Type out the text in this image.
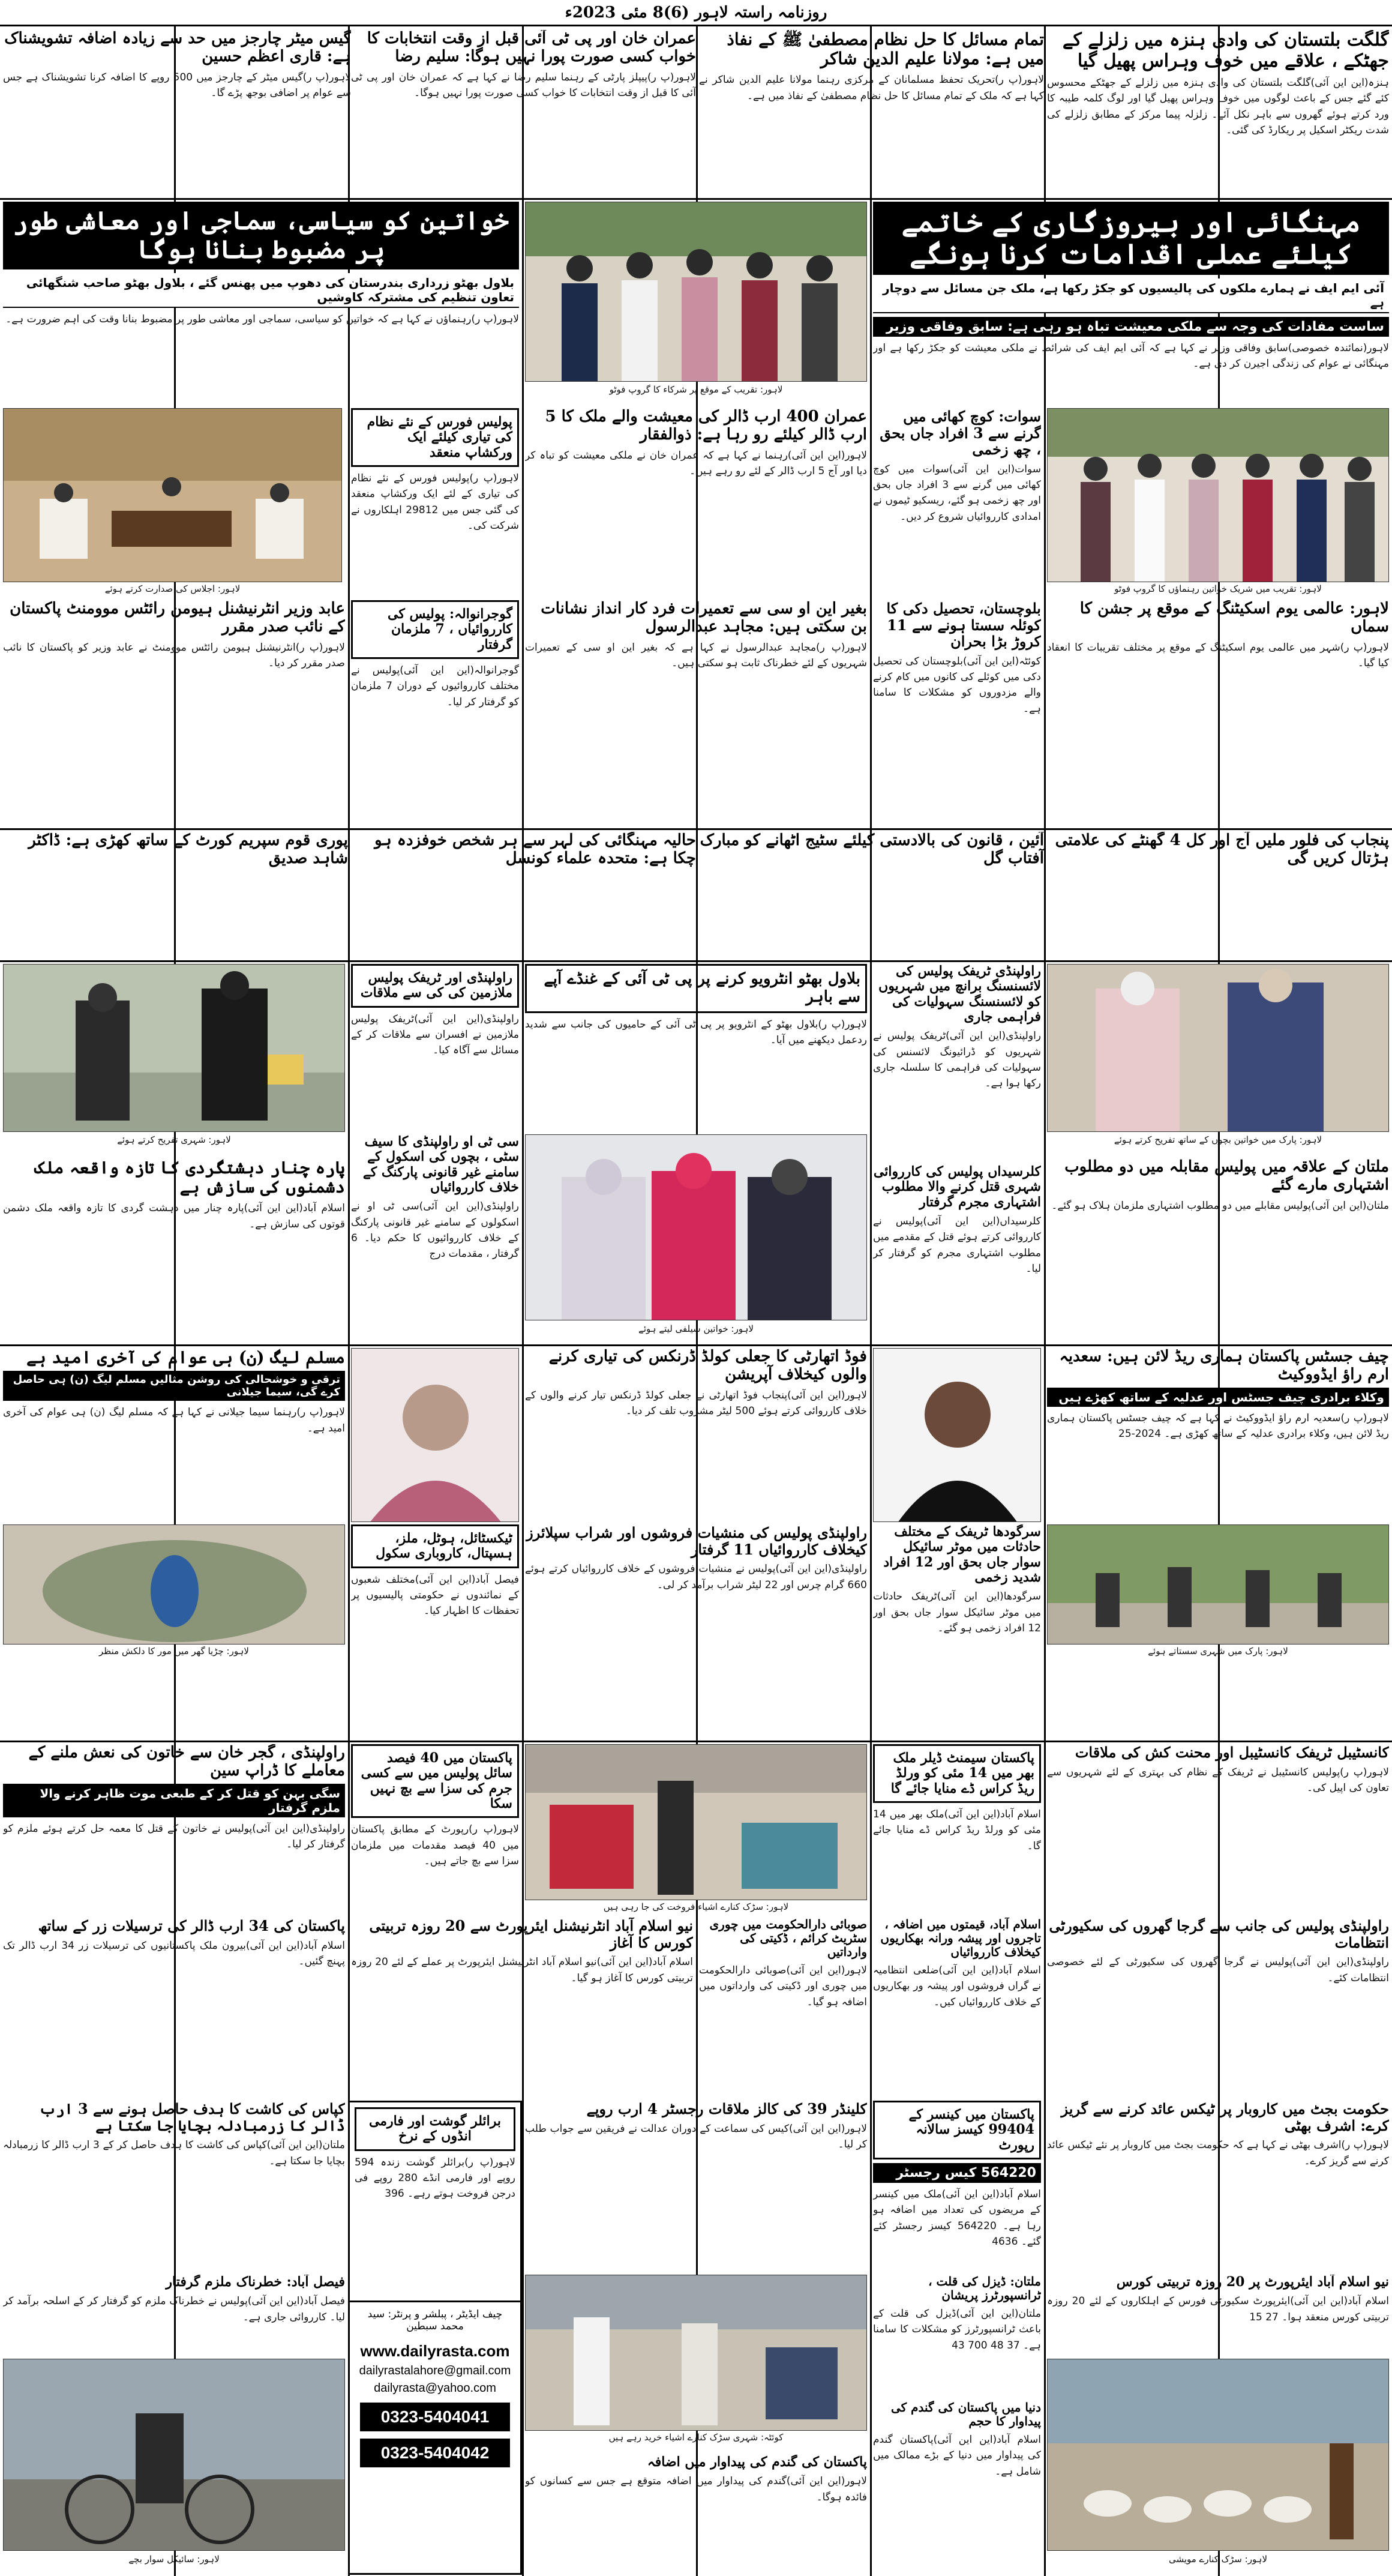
روزنامہ راستہ لاہور (6)8 مئی 2023ء
گلگت بلتستان کی وادی ہنزہ میں زلزلے کے جھٹکے ، علاقے میں خوف وہراس پھیل گیا
ہنزہ(این این آئی)گلگت بلتستان کی وادی ہنزہ میں زلزلے کے جھٹکے محسوس کئے گئے جس کے باعث لوگوں میں خوف وہراس پھیل گیا اور لوگ کلمہ طیبہ کا ورد کرتے ہوئے گھروں سے باہر نکل آئے۔ زلزلہ پیما مرکز کے مطابق زلزلے کی شدت ریکٹر اسکیل پر ریکارڈ کی گئی۔
تمام مسائل کا حل نظام مصطفیٰ ﷺ کے نفاذ میں ہے: مولانا علیم الدین شاکر
لاہور(پ ر)تحریک تحفظ مسلمانان کے مرکزی رہنما مولانا علیم الدین شاکر نے کہا ہے کہ ملک کے تمام مسائل کا حل نظام مصطفیٰ کے نفاذ میں ہے۔
عمران خان اور پی ٹی آئی قبل از وقت انتخابات کا خواب کسی صورت پورا نہیں ہوگا: سلیم رضا
لاہور(پ ر)پیپلز پارٹی کے رہنما سلیم رضا نے کہا ہے کہ عمران خان اور پی ٹی آئی کا قبل از وقت انتخابات کا خواب کسی صورت پورا نہیں ہوگا۔
گیس میٹر چارجز میں حد سے زیادہ اضافہ تشویشناک ہے: قاری اعظم حسین
لاہور(پ ر)گیس میٹر کے چارجز میں 500 روپے کا اضافہ کرنا تشویشناک ہے جس سے عوام پر اضافی بوجھ پڑے گا۔
مہنگائی اور بیروزگاری کے خاتمے کیلئے عملی اقدامات کرنا ہونگے
آئی ایم ایف نے ہمارے ملکوں کی پالیسیوں کو جکڑ رکھا ہے، ملک جن مسائل سے دوچار ہے
ساست مفادات کی وجہ سے ملکی معیشت تباہ ہو رہی ہے: سابق وفاقی وزیر
لاہور(نمائندہ خصوصی)سابق وفاقی وزیر نے کہا ہے کہ آئی ایم ایف کی شرائط نے ملکی معیشت کو جکڑ رکھا ہے اور مہنگائی نے عوام کی زندگی اجیرن کر دی ہے۔
خواتین کو سیاسی، سماجی اور معاشی طور پر مضبوط بنانا ہوگا
بلاول بھٹو زرداری بندرستان کی دھوپ میں پھنس گئے ، بلاول بھٹو صاحب شنگھائی تعاون تنظیم کی مشترکہ کاوشیں
لاہور(پ ر)رہنماؤں نے کہا ہے کہ خواتین کو سیاسی، سماجی اور معاشی طور پر مضبوط بنانا وقت کی اہم ضرورت ہے۔
لاہور: تقریب کے موقع پر شرکاء کا گروپ فوٹو
لاہور: تقریب میں شریک خواتین رہنماؤں کا گروپ فوٹو
لاہور: اجلاس کی صدارت کرتے ہوئے
سوات: کوچ کھائی میں گرنے سے 3 افراد جاں بحق ، چھ زخمی
سوات(این این آئی)سوات میں کوچ کھائی میں گرنے سے 3 افراد جاں بحق اور چھ زخمی ہو گئے، ریسکیو ٹیموں نے امدادی کارروائیاں شروع کر دیں۔
عمران 400 ارب ڈالر کی معیشت والے ملک کا 5 ارب ڈالر کیلئے رو رہا ہے: ذوالفقار
لاہور(این این آئی)رہنما نے کہا ہے کہ عمران خان نے ملکی معیشت کو تباہ کر دیا اور آج 5 ارب ڈالر کے لئے رو رہے ہیں۔
پولیس فورس کے نئے نظام کی تیاری کیلئے ایک ورکشاپ منعقد
لاہور(پ ر)پولیس فورس کے نئے نظام کی تیاری کے لئے ایک ورکشاپ منعقد کی گئی جس میں 29812 اہلکاروں نے شرکت کی۔
بلوچستان، تحصیل دکی کا کوئلہ سستا ہونے سے 11 کروڑ بڑا بحران
کوئٹہ(این این آئی)بلوچستان کی تحصیل دکی میں کوئلے کی کانوں میں کام کرنے والے مزدوروں کو مشکلات کا سامنا ہے۔
لاہور: عالمی یوم اسکیٹنگ کے موقع پر جشن کا سماں
لاہور(پ ر)شہر میں عالمی یوم اسکیٹنگ کے موقع پر مختلف تقریبات کا انعقاد کیا گیا۔
بغیر این او سی سے تعمیرات فرد کار انداز نشانات بن سکتی ہیں: مجاہد عبدالرسول
لاہور(پ ر)مجاہد عبدالرسول نے کہا ہے کہ بغیر این او سی کے تعمیرات شہریوں کے لئے خطرناک ثابت ہو سکتی ہیں۔
گوجرانوالہ: پولیس کی کارروائیاں ، 7 ملزمان گرفتار
گوجرانوالہ(این این آئی)پولیس نے مختلف کارروائیوں کے دوران 7 ملزمان کو گرفتار کر لیا۔
عابد وزیر انٹرنیشنل ہیومن رائٹس موومنٹ پاکستان کے نائب صدر مقرر
لاہور(پ ر)انٹرنیشنل ہیومن رائٹس موومنٹ نے عابد وزیر کو پاکستان کا نائب صدر مقرر کر دیا۔
پنجاب کی فلور ملیں آج اور کل 4 گھنٹے کی علامتی ہڑتال کریں گی
آئین ، قانون کی بالادستی کیلئے سٹیج اٹھانے کو مبارک آفتاب گل
حالیہ مہنگائی کی لہر سے ہر شخص خوفزدہ ہو چکا ہے: متحدہ علماء کونسل
پوری قوم سپریم کورٹ کے ساتھ کھڑی ہے: ڈاکٹر شاہد صدیق
لاہور: پارک میں خواتین بچوں کے ساتھ تفریح کرتے ہوئے
ملتان کے علاقہ میں پولیس مقابلہ میں دو مطلوب اشتہاری مارے گئے
ملتان(این این آئی)پولیس مقابلے میں دو مطلوب اشتہاری ملزمان ہلاک ہو گئے۔
راولپنڈی ٹریفک پولیس کی لائسنسنگ برانچ میں شہریوں کو لائسنسنگ سہولیات کی فراہمی جاری
راولپنڈی(این این آئی)ٹریفک پولیس نے شہریوں کو ڈرائیونگ لائسنس کی سہولیات کی فراہمی کا سلسلہ جاری رکھا ہوا ہے۔
کلرسیداں پولیس کی کارروائی شہری قتل کرنے والا مطلوب اشتہاری مجرم گرفتار
کلرسیداں(این این آئی)پولیس نے کارروائی کرتے ہوئے قتل کے مقدمے میں مطلوب اشتہاری مجرم کو گرفتار کر لیا۔
بلاول بھٹو انٹرویو کرنے پر پی ٹی آئی کے غنڈے آپے سے باہر
لاہور(پ ر)بلاول بھٹو کے انٹرویو پر پی ٹی آئی کے حامیوں کی جانب سے شدید ردعمل دیکھنے میں آیا۔
لاہور: خواتین سیلفی لیتے ہوئے
راولپنڈی اور ٹریفک پولیس ملازمین کی کی سے ملاقات
راولپنڈی(این این آئی)ٹریفک پولیس ملازمین نے افسران سے ملاقات کر کے مسائل سے آگاہ کیا۔
سی ٹی او راولپنڈی کا سیف سٹی ، بچوں کی اسکول کے سامنے غیر قانونی پارکنگ کے خلاف کارروائیاں
راولپنڈی(این این آئی)سی ٹی او نے اسکولوں کے سامنے غیر قانونی پارکنگ کے خلاف کارروائیوں کا حکم دیا۔ 6 گرفتار ، مقدمات درج
لاہور: شہری تفریح کرتے ہوئے
پارہ چنار دہشتگردی کا تازہ واقعہ ملک دشمنوں کی سازش ہے
اسلام آباد(این این آئی)پارہ چنار میں دہشت گردی کا تازہ واقعہ ملک دشمن قوتوں کی سازش ہے۔
چیف جسٹس پاکستان ہماری ریڈ لائن ہیں: سعدیہ ارم راؤ ایڈووکیٹ
وکلاء برادری چیف جسٹس اور عدلیہ کے ساتھ کھڑے ہیں
لاہور(پ ر)سعدیہ ارم راؤ ایڈووکیٹ نے کہا ہے کہ چیف جسٹس پاکستان ہماری ریڈ لائن ہیں، وکلاء برادری عدلیہ کے ساتھ کھڑی ہے۔ 2024-25
فوڈ اتھارٹی کا جعلی کولڈ ڈرنکس کی تیاری کرنے والوں کیخلاف آپریشن
لاہور(این این آئی)پنجاب فوڈ اتھارٹی نے جعلی کولڈ ڈرنکس تیار کرنے والوں کے خلاف کارروائی کرتے ہوئے 500 لیٹر مشروب تلف کر دیا۔
مسلم لیگ (ن) ہی عوام کی آخری امید ہے
ترقی و خوشحالی کی روشن مثالیں مسلم لیگ (ن) ہی حاصل کرے گی، سیما جیلانی
لاہور(پ ر)رہنما سیما جیلانی نے کہا ہے کہ مسلم لیگ (ن) ہی عوام کی آخری امید ہے۔
لاہور: پارک میں شہری سستاتے ہوئے
سرگودھا ٹریفک کے مختلف حادثات میں موٹر سائیکل سوار جاں بحق اور 12 افراد شدید زخمی
سرگودھا(این این آئی)ٹریفک حادثات میں موٹر سائیکل سوار جاں بحق اور 12 افراد زخمی ہو گئے۔
راولپنڈی پولیس کی منشیات فروشوں اور شراب سپلائرز کیخلاف کارروائیاں 11 گرفتار
راولپنڈی(این این آئی)پولیس نے منشیات فروشوں کے خلاف کارروائیاں کرتے ہوئے 660 گرام چرس اور 22 لیٹر شراب برآمد کر لی۔
ٹیکسٹائل، ہوٹل، ملز، ہسپتال، کاروباری سکول
فیصل آباد(این این آئی)مختلف شعبوں کے نمائندوں نے حکومتی پالیسیوں پر تحفظات کا اظہار کیا۔
لاہور: چڑیا گھر میں مور کا دلکش منظر
کانسٹیبل ٹریفک کانسٹیبل اور محنت کش کی ملاقات
لاہور(پ ر)پولیس کانسٹیبل نے ٹریفک کے نظام کی بہتری کے لئے شہریوں سے تعاون کی اپیل کی۔
پاکستان سیمنٹ ڈیلر ملک بھر میں 14 مئی کو ورلڈ ریڈ کراس ڈے منایا جائے گا
اسلام آباد(این این آئی)ملک بھر میں 14 مئی کو ورلڈ ریڈ کراس ڈے منایا جائے گا۔
لاہور: سڑک کنارے اشیاء فروخت کی جا رہی ہیں
پاکستان میں 40 فیصد سائل پولیس میں سے کسی جرم کی سزا سے بچ نہیں سکا
لاہور(پ ر)رپورٹ کے مطابق پاکستان میں 40 فیصد مقدمات میں ملزمان سزا سے بچ جاتے ہیں۔
راولپنڈی ، گجر خان سے خاتون کی نعش ملنے کے معاملے کا ڈراپ سین
سگی بہن کو قتل کر کے طبعی موت ظاہر کرنے والا ملزم گرفتار
راولپنڈی(این این آئی)پولیس نے خاتون کے قتل کا معمہ حل کرتے ہوئے ملزم کو گرفتار کر لیا۔
راولپنڈی پولیس کی جانب سے گرجا گھروں کی سکیورٹی انتظامات
راولپنڈی(این این آئی)پولیس نے گرجا گھروں کی سکیورٹی کے لئے خصوصی انتظامات کئے۔
اسلام آباد، قیمتوں میں اضافہ ، تاجروں اور پیشہ ورانہ بھکاریوں کیخلاف کارروائیاں
اسلام آباد(این این آئی)ضلعی انتظامیہ نے گراں فروشوں اور پیشہ ور بھکاریوں کے خلاف کارروائیاں کیں۔
صوبائی دارالحکومت میں چوری سٹریٹ کرائم ، ڈکیتی کی وارداتیں
لاہور(این این آئی)صوبائی دارالحکومت میں چوری اور ڈکیتی کی وارداتوں میں اضافہ ہو گیا۔
نیو اسلام آباد انٹرنیشنل ایئرپورٹ سے 20 روزہ تربیتی کورس کا آغاز
اسلام آباد(این این آئی)نیو اسلام آباد انٹرنیشنل ایئرپورٹ پر عملے کے لئے 20 روزہ تربیتی کورس کا آغاز ہو گیا۔
پاکستان کی 34 ارب ڈالر کی ترسیلات زر کے ساتھ
اسلام آباد(این این آئی)بیرون ملک پاکستانیوں کی ترسیلات زر 34 ارب ڈالر تک پہنچ گئیں۔
حکومت بجٹ میں کاروبار پر ٹیکس عائد کرنے سے گریز کرے: اشرف بھٹی
لاہور(پ ر)اشرف بھٹی نے کہا ہے کہ حکومت بجٹ میں کاروبار پر نئے ٹیکس عائد کرنے سے گریز کرے۔
پاکستان میں کینسر کے 99404 کیسز سالانہ رپورٹ
564220 کیس رجسٹر
اسلام آباد(این این آئی)ملک میں کینسر کے مریضوں کی تعداد میں اضافہ ہو رہا ہے۔ 564220 کیسز رجسٹر کئے گئے۔ 4636
کلینڈر 39 کی کالز ملاقات رجسٹر 4 ارب روپے
لاہور(این این آئی)کیس کی سماعت کے دوران عدالت نے فریقین سے جواب طلب کر لیا۔
کپاس کی کاشت کا ہدف حاصل ہونے سے 3 ارب ڈالر کا زرمبادلہ بچایا جا سکتا ہے
ملتان(این این آئی)کپاس کی کاشت کا ہدف حاصل کر کے 3 ارب ڈالر کا زرمبادلہ بچایا جا سکتا ہے۔
نیو اسلام آباد ایئرپورٹ پر 20 روزہ تربیتی کورس
اسلام آباد(این این آئی)ایئرپورٹ سکیورٹی فورس کے اہلکاروں کے لئے 20 روزہ تربیتی کورس منعقد ہوا۔ 27 15
لاہور: سڑک کنارے مویشی
ملتان: ڈیزل کی قلت ، ٹرانسپورٹرز پریشان
ملتان(این این آئی)ڈیزل کی قلت کے باعث ٹرانسپورٹرز کو مشکلات کا سامنا ہے۔ 37 48 700 43
دنیا میں پاکستان کی گندم کی پیداوار کا حجم
اسلام آباد(این این آئی)پاکستان گندم کی پیداوار میں دنیا کے بڑے ممالک میں شامل ہے۔
کوئٹہ: شہری سڑک کنارے اشیاء خرید رہے ہیں
پاکستان کی گندم کی پیداوار میں اضافہ
لاہور(این این آئی)گندم کی پیداوار میں اضافہ متوقع ہے جس سے کسانوں کو فائدہ ہوگا۔
فیصل آباد: خطرناک ملزم گرفتار
فیصل آباد(این این آئی)پولیس نے خطرناک ملزم کو گرفتار کر کے اسلحہ برآمد کر لیا۔ کارروائی جاری ہے۔
لاہور: سائیکل سوار بچے
برائلر گوشت اور فارمی انڈوں کے نرخ
لاہور(پ ر)برائلر گوشت زندہ 594 روپے اور فارمی انڈے 280 روپے فی درجن فروخت ہوتے رہے۔ 396
چیف ایڈیٹر ، پبلشر و پرنٹر: سید محمد سبطین
www.dailyrasta.com
dailyrastalahore@gmail.com
dailyrasta@yahoo.com
0323-5404041
0323-5404042
